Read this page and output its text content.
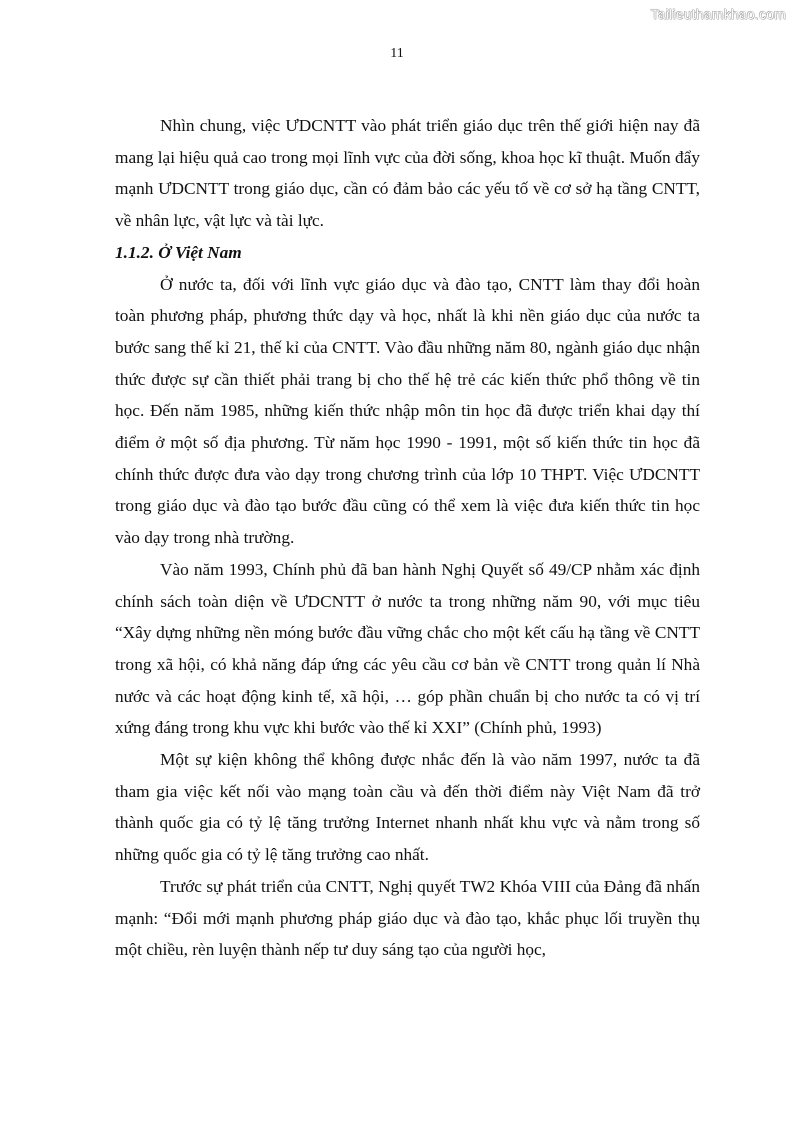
Tailieuthamkhao.com
11

Nhìn chung, việc ƯDCNTT vào phát triển giáo dục trên thế giới hiện nay đã mang lại hiệu quả cao trong mọi lĩnh vực của đời sống, khoa học kĩ thuật. Muốn đẩy mạnh ƯDCNTT trong giáo dục, cần có đảm bảo các yếu tố về cơ sở hạ tầng CNTT, về nhân lực, vật lực và tài lực.

1.1.2. Ở Việt Nam

Ở nước ta, đối với lĩnh vực giáo dục và đào tạo, CNTT làm thay đổi hoàn toàn phương pháp, phương thức dạy và học, nhất là khi nền giáo dục của nước ta bước sang thế kỉ 21, thế kỉ của CNTT. Vào đầu những năm 80, ngành giáo dục nhận thức được sự cần thiết phải trang bị cho thế hệ trẻ các kiến thức phổ thông về tin học. Đến năm 1985, những kiến thức nhập môn tin học đã được triển khai dạy thí điểm ở một số địa phương. Từ năm học 1990 - 1991, một số kiến thức tin học đã chính thức được đưa vào dạy trong chương trình của lớp 10 THPT. Việc ƯDCNTT trong giáo dục và đào tạo bước đầu cũng có thể xem là việc đưa kiến thức tin học vào dạy trong nhà trường.

Vào năm 1993, Chính phủ đã ban hành Nghị Quyết số 49/CP nhằm xác định chính sách toàn diện về ƯDCNTT ở nước ta trong những năm 90, với mục tiêu “Xây dựng những nền móng bước đầu vững chắc cho một kết cấu hạ tầng về CNTT trong xã hội, có khả năng đáp ứng các yêu cầu cơ bản về CNTT trong quản lí Nhà nước và các hoạt động kinh tế, xã hội, … góp phần chuẩn bị cho nước ta có vị trí xứng đáng trong khu vực khi bước vào thế kỉ XXI” (Chính phủ, 1993)

Một sự kiện không thể không được nhắc đến là vào năm 1997, nước ta đã tham gia việc kết nối vào mạng toàn cầu và đến thời điểm này Việt Nam đã trở thành quốc gia có tỷ lệ tăng trưởng Internet nhanh nhất khu vực và nằm trong số những quốc gia có tỷ lệ tăng trưởng cao nhất.

Trước sự phát triển của CNTT, Nghị quyết TW2 Khóa VIII của Đảng đã nhấn mạnh: “Đổi mới mạnh phương pháp giáo dục và đào tạo, khắc phục lối truyền thụ một chiều, rèn luyện thành nếp tư duy sáng tạo của người học,
